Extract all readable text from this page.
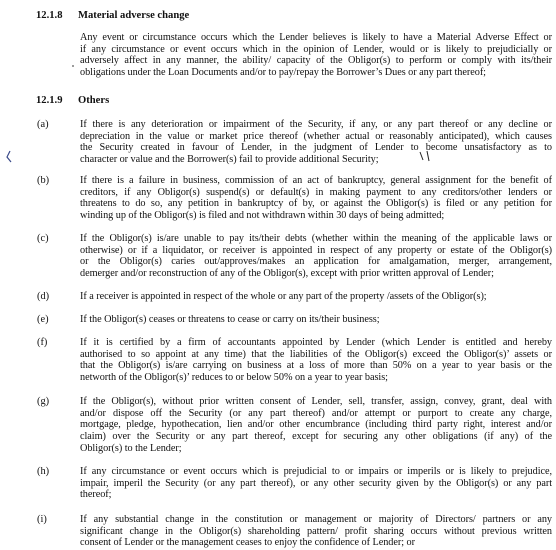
12.1.8 Material adverse change
Any event or circumstance occurs which the Lender believes is likely to have a Material Adverse Effect or
if any circumstance or event occurs which in the opinion of Lender, would or is likely to prejudicially or
adversely affect in any manner, the ability/ capacity of the Obligor(s) to perform or comply with its/their
obligations under the Loan Documents and/or to pay/repay the Borrower’s Dues or any part thereof;
12.1.9 Others
(a)	If there is any deterioration or impairment of the Security, if any, or any part thereof or any decline or
depreciation in the value or market price thereof (whether actual or reasonably anticipated), which causes
the Security created in favour of Lender, in the judgment of Lender to become unsatisfactory as to
character or value and the Borrower(s) fail to provide additional Security;
(b)	If there is a failure in business, commission of an act of bankruptcy, general assignment for the benefit of
creditors, if any Obligor(s) suspend(s) or default(s) in making payment to any creditors/other lenders or
threatens to do so, any petition in bankruptcy of by, or against the Obligor(s) is filed or any petition for
winding up of the Obligor(s) is filed and not withdrawn within 30 days of being admitted;
(c)	If the Obligor(s) is/are unable to pay its/their debts (whether within the meaning of the applicable laws or
otherwise) or if a liquidator, or receiver is appointed in respect of any property or estate of the Obligor(s)
or the Obligor(s) caries out/approves/makes an application for amalgamation, merger, arrangement,
demerger and/or reconstruction of any of the Obligor(s), except with prior written approval of Lender;
(d)	If a receiver is appointed in respect of the whole or any part of the property /assets of the Obligor(s);
(e)	If the Obligor(s) ceases or threatens to cease or carry on its/their business;
(f)	If it is certified by a firm of accountants appointed by Lender (which Lender is entitled and hereby
authorised to so appoint at any time) that the liabilities of the Obligor(s) exceed the Obligor(s)’ assets or
that the Obligor(s) is/are carrying on business at a loss of more than 50% on a year to year basis or the
networth of the Obligor(s)’ reduces to or below 50% on a year to year basis;
(g)	If the Obligor(s), without prior written consent of Lender, sell, transfer, assign, convey, grant, deal with
and/or dispose off the Security (or any part thereof) and/or attempt or purport to create any charge,
mortgage, pledge, hypothecation, lien and/or other encumbrance (including third party right, interest and/or
claim) over the Security or any part thereof, except for securing any other obligations (if any) of the
Obligor(s) to the Lender;
(h)	If any circumstance or event occurs which is prejudicial to or impairs or imperils or is likely to prejudice,
impair, imperil the Security (or any part thereof), or any other security given by the Obligor(s) or any part
thereof;
(i)	If any substantial change in the constitution or management or majority of Directors/ partners or any
significant change in the Obligor(s) shareholding pattern/ profit sharing occurs without previous written
consent of Lender or the management ceases to enjoy the confidence of Lender; or
